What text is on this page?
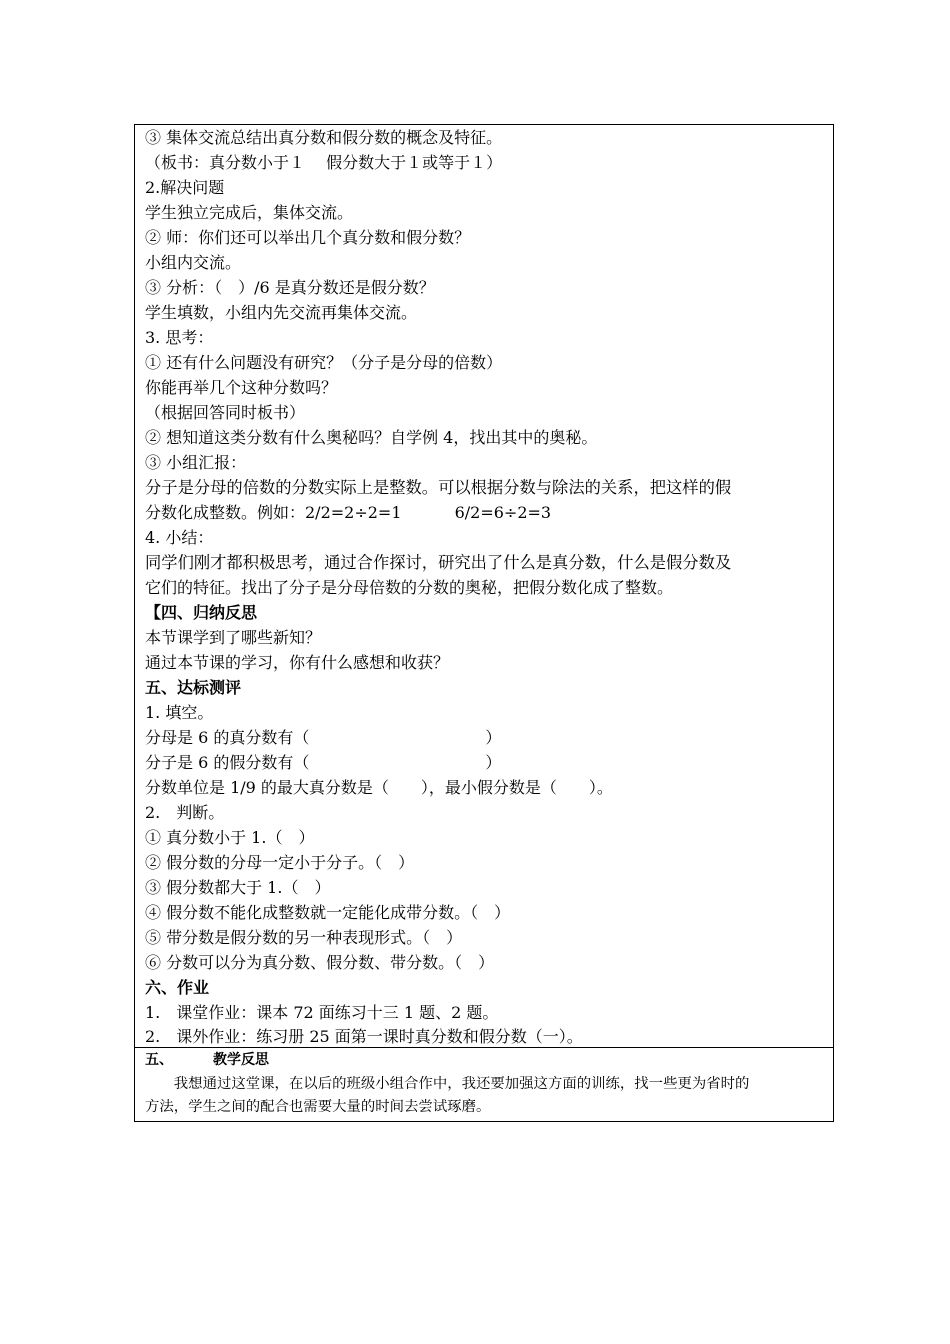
③ 集体交流总结出真分数和假分数的概念及特征。
（板书：真分数小于１　 假分数大于１或等于１）
2.解决问题
学生独立完成后，集体交流。
② 师：你们还可以举出几个真分数和假分数？
小组内交流。
③ 分析：（　）/6 是真分数还是假分数？
学生填数，小组内先交流再集体交流。
3. 思考：
① 还有什么问题没有研究？（分子是分母的倍数）
你能再举几个这种分数吗？
（根据回答同时板书）
② 想知道这类分数有什么奥秘吗？自学例 4，找出其中的奥秘。
③ 小组汇报：
分子是分母的倍数的分数实际上是整数。可以根据分数与除法的关系，把这样的假
分数化成整数。例如：2/2=2÷2=1　　　 6/2=6÷2=3
4. 小结：
同学们刚才都积极思考，通过合作探讨，研究出了什么是真分数，什么是假分数及
它们的特征。找出了分子是分母倍数的分数的奥秘，把假分数化成了整数。
【四、归纳反思
本节课学到了哪些新知？
通过本节课的学习，你有什么感想和收获？
五、达标测评
1. 填空。
分母是 6 的真分数有（　　　　　　　　　　　）
分子是 6 的假分数有（　　　　　　　　　　　）
分数单位是 1/9 的最大真分数是（　　），最小假分数是（　　）。
2.　判断。
① 真分数小于 1.（　）
② 假分数的分母一定小于分子。（　）
③ 假分数都大于 1.（　）
④ 假分数不能化成整数就一定能化成带分数。（　）
⑤ 带分数是假分数的另一种表现形式。（　）
⑥ 分数可以分为真分数、假分数、带分数。（　）
六、作业
1.　课堂作业：课本 72 面练习十三 1 题、2 题。
2.　课外作业：练习册 25 面第一课时真分数和假分数（一）。
五、	教学反思
　　我想通过这堂课，在以后的班级小组合作中，我还要加强这方面的训练，找一些更为省时的
方法，学生之间的配合也需要大量的时间去尝试琢磨。
